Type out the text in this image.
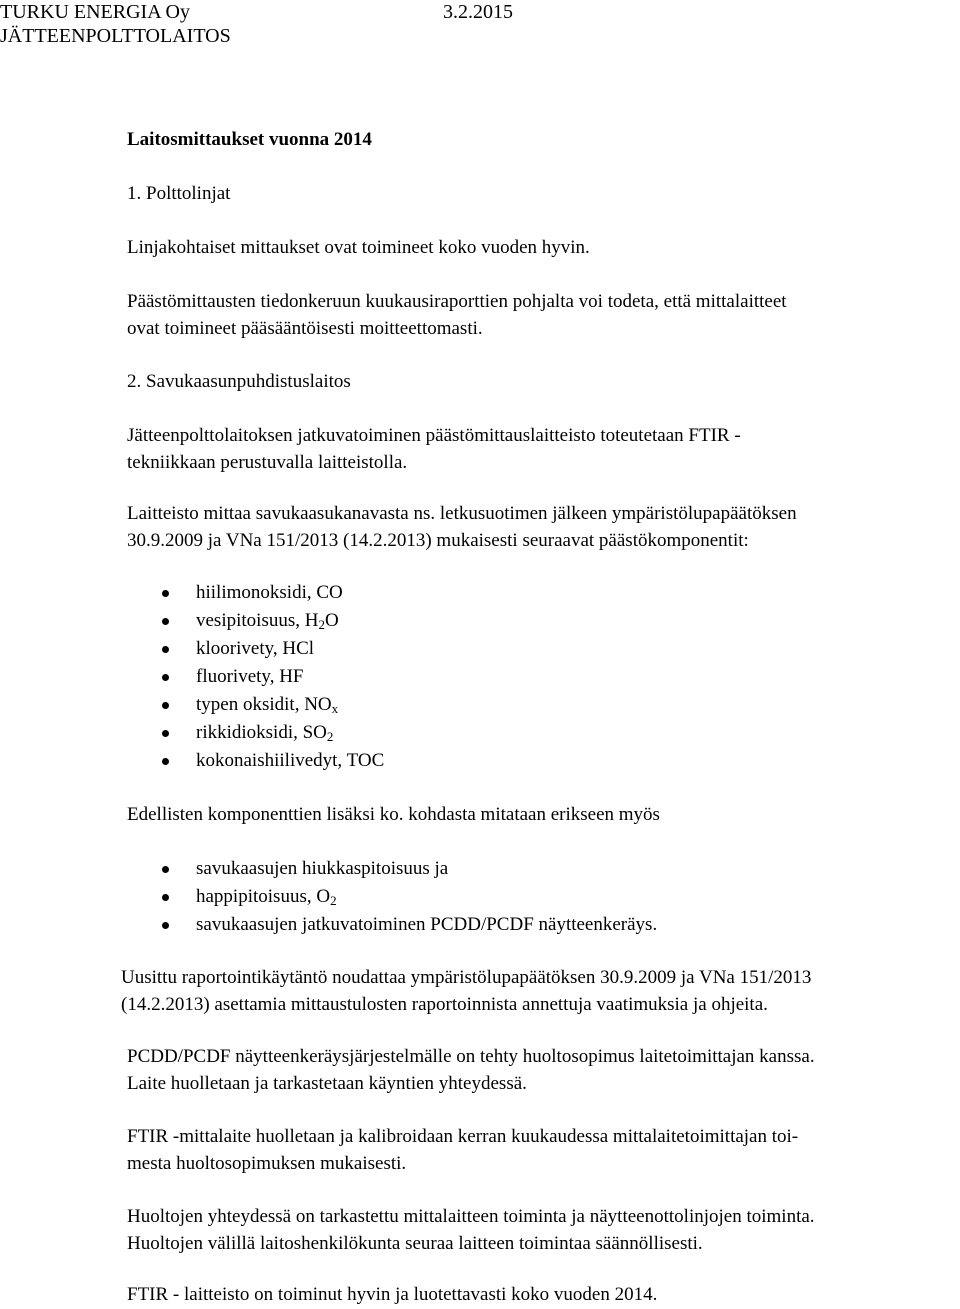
TURKU ENERGIA Oy	3.2.2015
JÄTTEENPOLTTOLAITOS
Laitosmittaukset vuonna 2014
1. Polttolinjat
Linjakohtaiset mittaukset ovat toimineet koko vuoden hyvin.
Päästömittausten tiedonkeruun kuukausiraporttien pohjalta voi todeta, että mittalaitteet
ovat toimineet pääsääntöisesti moitteettomasti.
2. Savukaasunpuhdistuslaitos
Jätteenpolttolaitoksen jatkuvatoiminen päästömittauslaitteisto toteutetaan FTIR -
tekniikkaan perustuvalla laitteistolla.
Laitteisto mittaa savukaasukanavasta ns. letkusuotimen jälkeen ympäristölupapäätöksen
30.9.2009 ja VNa 151/2013 (14.2.2013) mukaisesti seuraavat päästökomponentit:
hiilimonoksidi, CO
vesipitoisuus, $H_2O$
kloorivety, HCl
fluorivety, HF
typen oksidit, $NO_x$
rikkidioksidi, $SO_2$
kokonaishiilivedyt, TOC
Edellisten komponenttien lisäksi ko. kohdasta mitataan erikseen myös
savukaasujen hiukkaspitoisuus ja
happipitoisuus, $O_2$
savukaasujen jatkuvatoiminen PCDD/PCDF näytteenkeräys.
Uusittu raportointikäytäntö noudattaa ympäristölupapäätöksen 30.9.2009 ja VNa 151/2013
(14.2.2013) asettamia mittaustulosten raportoinnista annettuja vaatimuksia ja ohjeita.
PCDD/PCDF näytteenkeräysjärjestelmälle on tehty huoltosopimus laitetoimittajan kanssa.
Laite huolletaan ja tarkastetaan käyntien yhteydessä.
FTIR -mittalaite huolletaan ja kalibroidaan kerran kuukaudessa mittalaitetoimittajan toi-
mesta huoltosopimuksen mukaisesti.
Huoltojen yhteydessä on tarkastettu mittalaitteen toiminta ja näytteenottolinjojen toiminta.
Huoltojen välillä laitoshenkilökunta seuraa laitteen toimintaa säännöllisesti.
FTIR - laitteisto on toiminut hyvin ja luotettavasti koko vuoden 2014.
